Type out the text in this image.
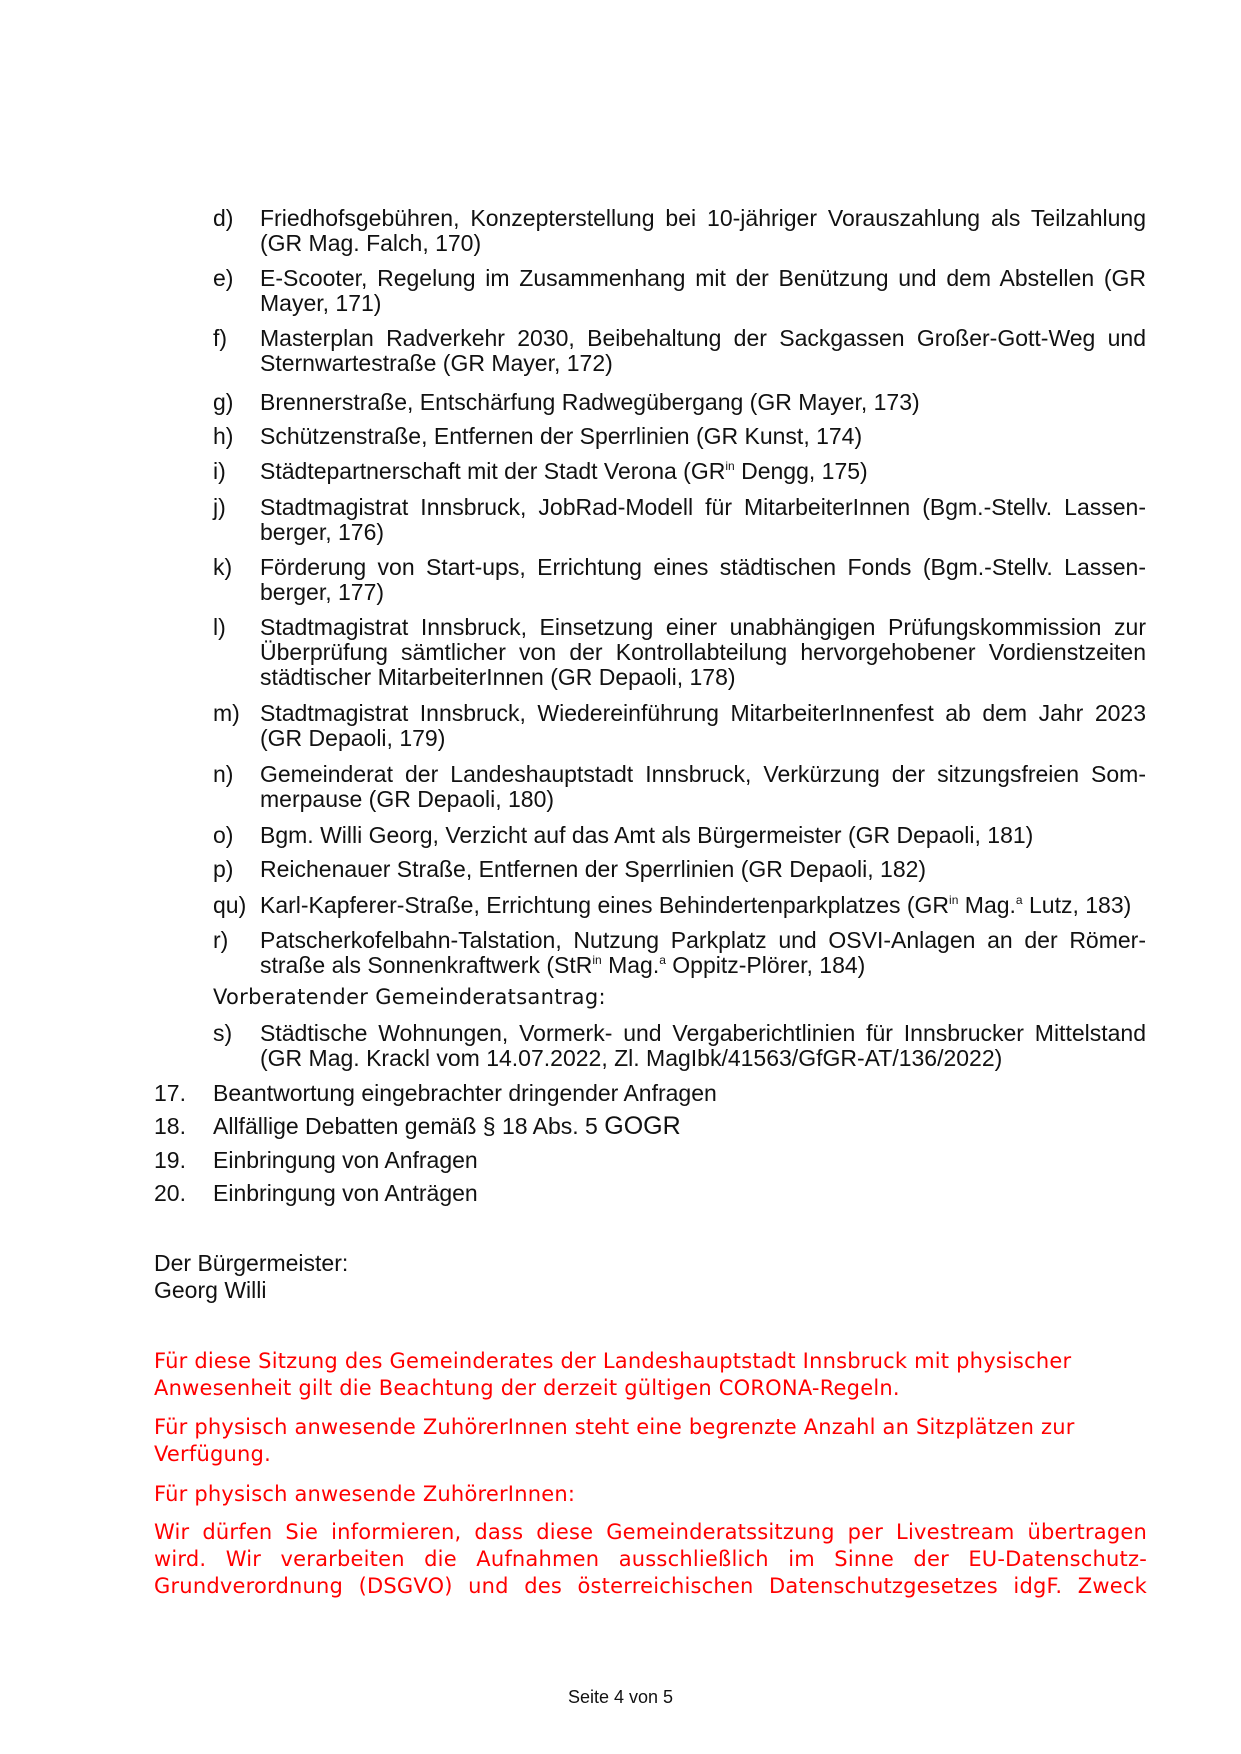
d) Friedhofsgebühren, Konzepterstellung bei 10-jähriger Vorauszahlung als Teilzahlung (GR Mag. Falch, 170)
e) E-Scooter, Regelung im Zusammenhang mit der Benützung und dem Abstellen (GR Mayer, 171)
f) Masterplan Radverkehr 2030, Beibehaltung der Sackgassen Großer-Gott-Weg und Sternwartestraße (GR Mayer, 172)
g) Brennerstraße, Entschärfung Radwegübergang (GR Mayer, 173)
h) Schützenstraße, Entfernen der Sperrlinien (GR Kunst, 174)
i) Städtepartnerschaft mit der Stadt Verona ($GR^{in}$ Dengg, 175)
j) Stadtmagistrat Innsbruck, JobRad-Modell für MitarbeiterInnen (Bgm.-Stellv. Lassen-berger, 176)
k) Förderung von Start-ups, Errichtung eines städtischen Fonds (Bgm.-Stellv. Lassen-berger, 177)
l) Stadtmagistrat Innsbruck, Einsetzung einer unabhängigen Prüfungskommission zur Überprüfung sämtlicher von der Kontrollabteilung hervorgehobener Vordienstzeiten städtischer MitarbeiterInnen (GR Depaoli, 178)
m) Stadtmagistrat Innsbruck, Wiedereinführung MitarbeiterInnenfest ab dem Jahr 2023 (GR Depaoli, 179)
n) Gemeinderat der Landeshauptstadt Innsbruck, Verkürzung der sitzungsfreien Som-merpause (GR Depaoli, 180)
o) Bgm. Willi Georg, Verzicht auf das Amt als Bürgermeister (GR Depaoli, 181)
p) Reichenauer Straße, Entfernen der Sperrlinien (GR Depaoli, 182)
qu) Karl-Kapferer-Straße, Errichtung eines Behindertenparkplatzes ($GR^{in}$ Mag.$^a$ Lutz, 183)
r) Patscherkofelbahn-Talstation, Nutzung Parkplatz und OSVI-Anlagen an der Römer-straße als Sonnenkraftwerk (StR$^{in}$ Mag.$^a$ Oppitz-Plörer, 184)
Vorberatender Gemeinderatsantrag:
s) Städtische Wohnungen, Vormerk- und Vergaberichtlinien für Innsbrucker Mittelstand (GR Mag. Krackl vom 14.07.2022, Zl. MagIbk/41563/GfGR-AT/136/2022)
17. Beantwortung eingebrachter dringender Anfragen
18. Allfällige Debatten gemäß § 18 Abs. 5 GOGR
19. Einbringung von Anfragen
20. Einbringung von Anträgen
Der Bürgermeister:
Georg Willi
Für diese Sitzung des Gemeinderates der Landeshauptstadt Innsbruck mit physischer Anwesenheit gilt die Beachtung der derzeit gültigen CORONA-Regeln.
Für physisch anwesende ZuhörerInnen steht eine begrenzte Anzahl an Sitzplätzen zur Verfügung.
Für physisch anwesende ZuhörerInnen:
Wir dürfen Sie informieren, dass diese Gemeinderatssitzung per Livestream übertragen wird. Wir verarbeiten die Aufnahmen ausschließlich im Sinne der EU-Datenschutz-Grundverordnung (DSGVO) und des österreichischen Datenschutzgesetzes idgF. Zweck
Seite 4 von 5
